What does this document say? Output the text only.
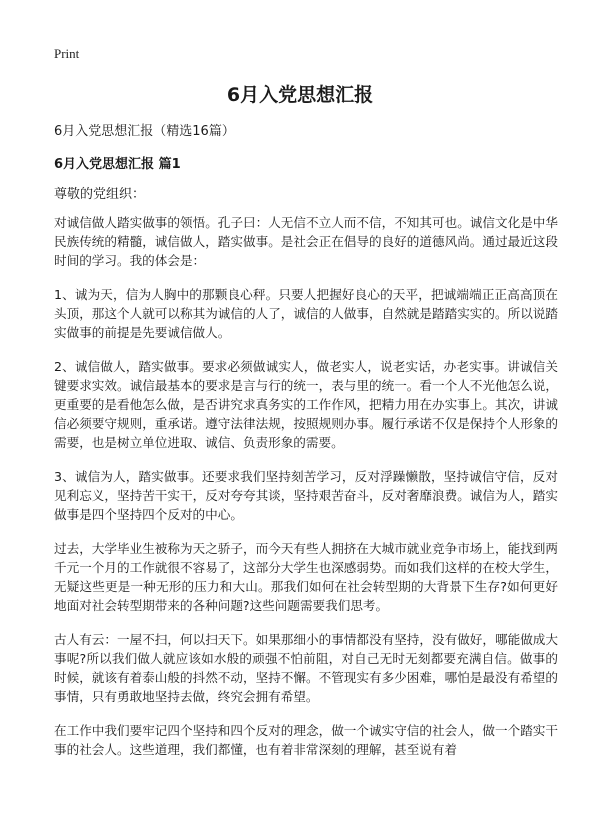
Print
6月入党思想汇报

6月入党思想汇报（精选16篇）

6月入党思想汇报 篇1

尊敬的党组织：

对诚信做人踏实做事的领悟。孔子曰：人无信不立人而不信，不知其可也。诚信文化是中华民族传统的精髓，诚信做人，踏实做事。是社会正在倡导的良好的道德风尚。通过最近这段时间的学习。我的体会是：

1、诚为天，信为人胸中的那颗良心秤。只要人把握好良心的天平，把诚端端正正高高顶在头顶，那这个人就可以称其为诚信的人了，诚信的人做事，自然就是踏踏实实的。所以说踏实做事的前提是先要诚信做人。

2、诚信做人，踏实做事。要求必须做诚实人，做老实人，说老实话，办老实事。讲诚信关键要求实效。诚信最基本的要求是言与行的统一，表与里的统一。看一个人不光他怎么说，更重要的是看他怎么做，是否讲究求真务实的工作作风，把精力用在办实事上。其次，讲诚信必须要守规则，重承诺。遵守法律法规，按照规则办事。履行承诺不仅是保持个人形象的需要，也是树立单位进取、诚信、负责形象的需要。

3、诚信为人，踏实做事。还要求我们坚持刻苦学习，反对浮躁懒散，坚持诚信守信，反对见利忘义，坚持苦干实干，反对夸夸其谈，坚持艰苦奋斗，反对奢靡浪费。诚信为人，踏实做事是四个坚持四个反对的中心。

过去，大学毕业生被称为天之骄子，而今天有些人拥挤在大城市就业竞争市场上，能找到两千元一个月的工作就很不容易了，这部分大学生也深感弱势。而如我们这样的在校大学生，无疑这些更是一种无形的压力和大山。那我们如何在社会转型期的大背景下生存?如何更好地面对社会转型期带来的各种问题?这些问题需要我们思考。

古人有云：一屋不扫，何以扫天下。如果那细小的事情都没有坚持，没有做好，哪能做成大事呢?所以我们做人就应该如水般的顽强不怕前阻，对自己无时无刻都要充满自信。做事的时候，就该有着泰山般的抖然不动，坚持不懈。不管现实有多少困难，哪怕是最没有希望的事情，只有勇敢地坚持去做，终究会拥有希望。

在工作中我们要牢记四个坚持和四个反对的理念，做一个诚实守信的社会人，做一个踏实干事的社会人。这些道理，我们都懂，也有着非常深刻的理解，甚至说有着
